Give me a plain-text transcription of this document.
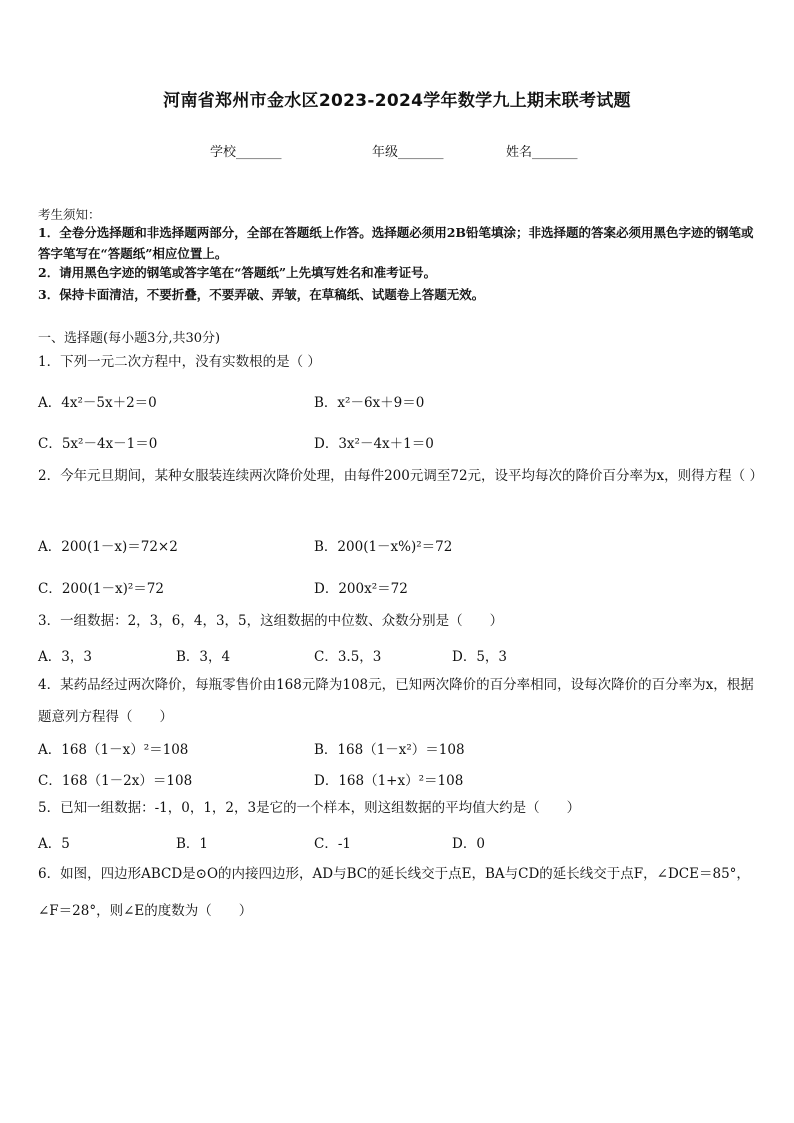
河南省郑州市金水区2023-2024学年数学九上期末联考试题
学校_______	年级_______	姓名_______
考生须知：
1．全卷分选择题和非选择题两部分，全部在答题纸上作答。选择题必须用2B铅笔填涂；非选择题的答案必须用黑色字迹的钢笔或答字笔写在“答题纸”相应位置上。
2．请用黑色字迹的钢笔或答字笔在“答题纸”上先填写姓名和准考证号。
3．保持卡面清洁，不要折叠，不要弄破、弄皱，在草稿纸、试题卷上答题无效。
一、选择题(每小题3分,共30分)
1．下列一元二次方程中，没有实数根的是（ ）
A．4x²－5x＋2＝0	B．x²－6x＋9＝0
C．5x²－4x－1＝0	D．3x²－4x＋1＝0
2．今年元旦期间，某种女服装连续两次降价处理，由每件200元调至72元，设平均每次的降价百分率为x，则得方程（ ）
A．200(1－x)＝72×2	B．200(1－x%)²＝72
C．200(1－x)²＝72	D．200x²＝72
3．一组数据：2，3，6，4，3，5，这组数据的中位数、众数分别是（　　）
A．3，3	B．3，4	C．3.5，3	D．5，3
4．某药品经过两次降价，每瓶零售价由168元降为108元，已知两次降价的百分率相同，设每次降价的百分率为x，根据题意列方程得（　　）
A．168（1－x）²＝108	B．168（1－x²）＝108
C．168（1－2x）＝108	D．168（1+x）²＝108
5．已知一组数据：-1，0，1，2，3是它的一个样本，则这组数据的平均值大约是（　　）
A．5	B．1	C．-1	D．0
6．如图，四边形ABCD是⊙O的内接四边形，AD与BC的延长线交于点E，BA与CD的延长线交于点F，∠DCE＝85°，∠F＝28°，则∠E的度数为（　　）
